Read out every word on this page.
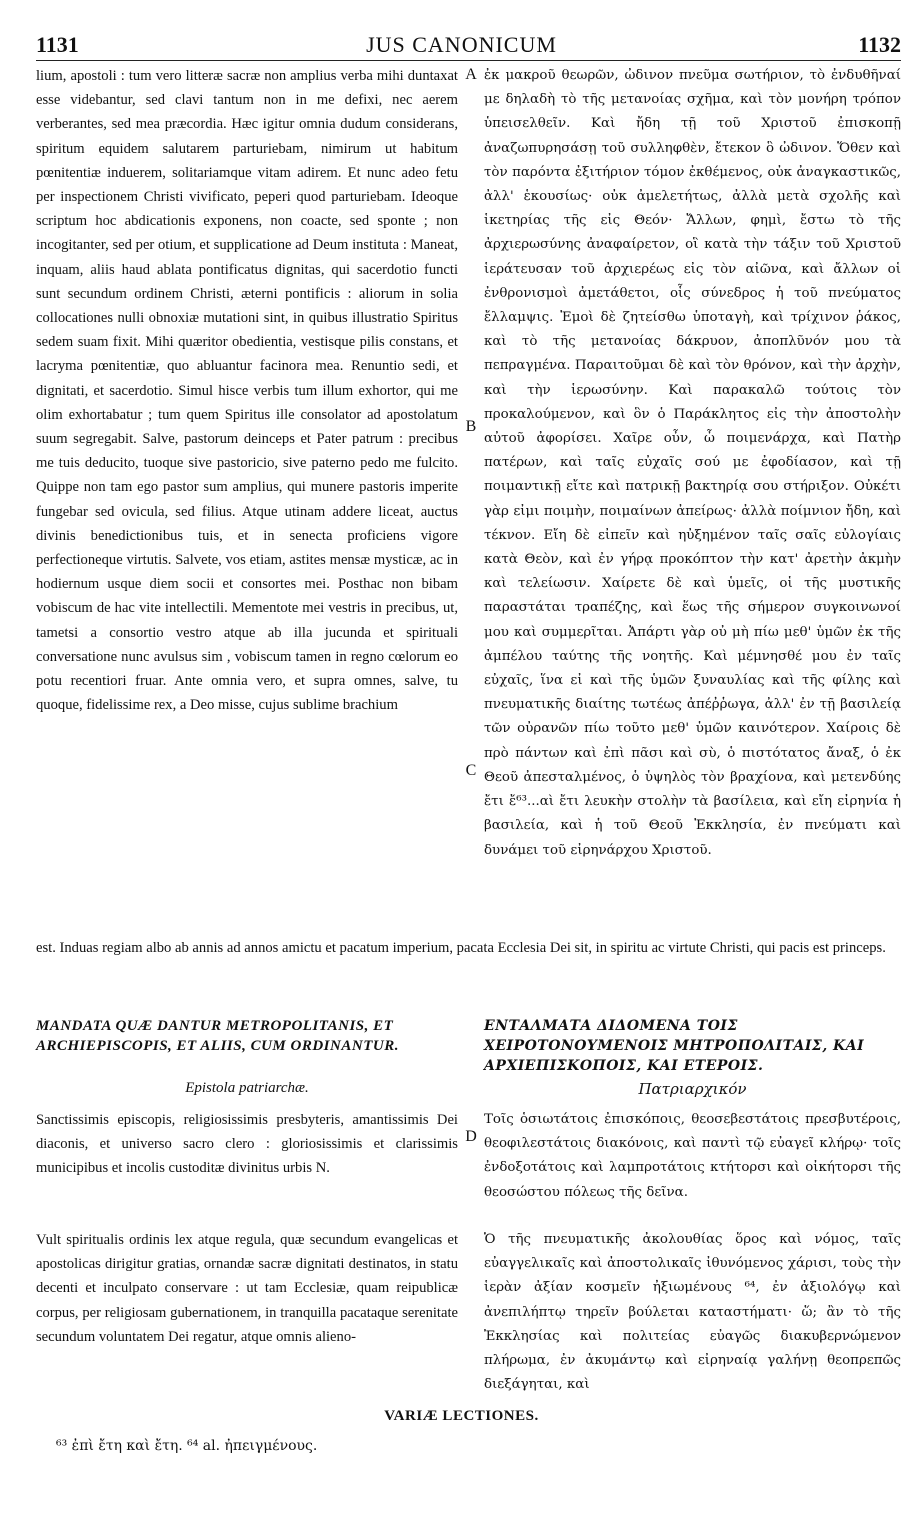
1131	JUS CANONICUM	1132

lium, apostoli : tum vero litteræ sacræ non amplius verba mihi duntaxat esse videbantur, sed clavi tantum non in me defixi, nec aerem verberantes, sed mea præcordia. Hæc igitur omnia dudum considerans, spiritum equidem salutarem parturiebam, nimirum ut habitum pœnitentiæ induerem, solitariamque vitam adirem. Et nunc adeo fetu per inspectionem Christi vivificato, peperi quod parturiebam. Ideoque scriptum hoc abdicationis exponens, non coacte, sed sponte ; non incogitanter, sed per otium, et supplicatione ad Deum instituta : Maneat, inquam, aliis haud ablata pontificatus dignitas, qui sacerdotio functi sunt secundum ordinem Christi, æterni pontificis : aliorum in solia collocationes nulli obnoxiæ mutationi sint, in quibus illustratio Spiritus sedem suam fixit. Mihi quæritor obedientia, vestisque pilis constans, et lacryma pœnitentiæ, quo abluantur facinora mea. Renuntio sedi, et dignitati, et sacerdotio. Simul hisce verbis tum illum exhortor, qui me olim exhortabatur ; tum quem Spiritus ille consolator ad apostolatum suum segregabit. Salve, pastorum deinceps et Pater patrum : precibus me tuis deducito, tuoque sive pastoricio, sive paterno pedo me fulcito. Quippe non tam ego pastor sum amplius, qui munere pastoris imperite fungebar sed ovicula, sed filius. Atque utinam addere liceat, auctus divinis benedictionibus tuis, et in senecta proficiens vigore perfectioneque virtutis. Salvete, vos etiam, astites mensæ mysticæ, ac in hodiernum usque diem socii et consortes mei. Posthac non bibam vobiscum de hac vite intellectili. Mementote mei vestris in precibus, ut, tametsi a consortio vestro atque ab illa jucunda et spirituali conversatione nunc avulsus sim , vobiscum tamen in regno cœlorum eo potu recentiori fruar. Ante omnia vero, et supra omnes, salve, tu quoque, fidelissime rex, a Deo misse, cujus sublime brachium

ἐκ μακροῦ θεωρῶν, ὠδινον πνεῦμα σωτήριον, τὸ ἐνδυθῆναί με δηλαδὴ τὸ τῆς μετανοίας σχῆμα, καὶ τὸν μονήρη τρόπον ὑπεισελθεῖν. Καὶ ἤδη τῇ τοῦ Χριστοῦ ἐπισκοπῇ ἀναζωπυρησάσῃ τοῦ συλληφθὲν, ἔτεκον ὃ ὠδινον. Ὅθεν καὶ τὸν παρόντα ἐξιτήριον τόμον ἐκθέμενος, οὐκ ἀναγκαστικῶς, ἀλλ' ἑκουσίως· οὐκ ἀμελετήτως, ἀλλὰ μετὰ σχολῆς καὶ ἱκετηρίας τῆς εἰς Θεόν· Ἄλλων, φημὶ, ἔστω τὸ τῆς ἀρχιερωσύνης ἀναφαίρετον, οἳ κατὰ τὴν τάξιν τοῦ Χριστοῦ ἱεράτευσαν τοῦ ἀρχιερέως εἰς τὸν αἰῶνα, καὶ ἄλλων οἱ ἐνθρονισμοὶ ἀμετάθετοι, οἷς σύνεδρος ἡ τοῦ πνεύματος ἔλλαμψις. Ἐμοὶ δὲ ζητείσθω ὑποταγὴ, καὶ τρίχινον ῥάκος, καὶ τὸ τῆς μετανοίας δάκρυον, ἀποπλῦνόν μου τὰ πεπραγμένα. Παραιτοῦμαι δὲ καὶ τὸν θρόνον, καὶ τὴν ἀρχὴν, καὶ τὴν ἱερωσύνην. Καὶ παρακαλῶ τούτοις τὸν προκαλούμενον, καὶ ὃν ὁ Παράκλητος εἰς τὴν ἀποστολὴν αὐτοῦ ἀφορίσει. Χαῖρε οὖν, ὦ ποιμενάρχα, καὶ Πατὴρ πατέρων, καὶ ταῖς εὐχαῖς σού με ἐφοδίασον, καὶ τῇ ποιμαντικῇ εἴτε καὶ πατρικῇ βακτηρίᾳ σου στήριξον. Οὐκέτι γὰρ εἰμι ποιμὴν, ποιμαίνων ἀπείρως· ἀλλὰ ποίμνιον ἤδη, καὶ τέκνον. Εἴη δὲ εἰπεῖν καὶ ηὐξημένον ταῖς σαῖς εὐλογίαις κατὰ Θεὸν, καὶ ἐν γήρᾳ προκόπτον τὴν κατ' ἀρετὴν ἀκμὴν καὶ τελείωσιν. Χαίρετε δὲ καὶ ὑμεῖς, οἱ τῆς μυστικῆς παραστάται τραπέζης, καὶ ἕως τῆς σήμερον συγκοινωνοί μου καὶ συμμερῖται. Ἀπάρτι γὰρ οὐ μὴ πίω μεθ' ὑμῶν ἐκ τῆς ἀμπέλου ταύτης τῆς νοητῆς. Καὶ μέμνησθέ μου ἐν ταῖς εὐχαῖς, ἵνα εἰ καὶ τῆς ὑμῶν ξυναυλίας καὶ τῆς φίλης καὶ πνευματικῆς διαίτης τωτέως ἀπέῤῥωγα, ἀλλ' ἐν τῇ βασιλείᾳ τῶν οὐρανῶν πίω τοῦτο μεθ' ὑμῶν καινότερον. Χαίροις δὲ πρὸ πάντων καὶ ἐπὶ πᾶσι καὶ σὺ, ὁ πιστότατος ἄναξ, ὁ ἐκ Θεοῦ ἀπεσταλμένος, ὁ ὑψηλὸς τὸν βραχίονα, καὶ μετενδύης ἔτι ἔ⁶³...αὶ ἔτι λευκὴν στολὴν τὰ βασίλεια, καὶ εἴη εἰρηνία ἡ βασιλεία, καὶ ἡ τοῦ Θεοῦ Ἐκκλησία, ἐν πνεύματι καὶ δυνάμει τοῦ εἰρηνάρχου Χριστοῦ.

A
B
C
D

est. Induas regiam albo ab annis ad annos amictu et pacatum imperium, pacata Ecclesia Dei sit, in spiritu ac virtute Christi, qui pacis est princeps.

MANDATA QUÆ DANTUR METROPOLITANIS, ET ARCHIEPISCOPIS, ET ALIIS, CUM ORDINANTUR.
ΕΝΤΑΛΜΑΤΑ ΔΙΔΟΜΕΝΑ ΤΟΙΣ ΧΕΙΡΟΤΟΝΟΥΜΕΝΟΙΣ ΜΗΤΡΟΠΟΛΙΤΑΙΣ, ΚΑΙ ΑΡΧΙΕΠΙΣΚΟΠΟΙΣ, ΚΑΙ ΕΤΕΡΟΙΣ.
Epistola patriarchæ.	Πατριαρχικόν

Sanctissimis episcopis, religiosissimis presbyteris, amantissimis Dei diaconis, et universo sacro clero : gloriosissimis et clarissimis municipibus et incolis custoditæ divinitus urbis N.

Vult spiritualis ordinis lex atque regula, quæ secundum evangelicas et apostolicas dirigitur gratias, ornandæ sacræ dignitati destinatos, in statu decenti et inculpato conservare : ut tam Ecclesiæ, quam reipublicæ corpus, per religiosam gubernationem, in tranquilla pacataque serenitate secundum voluntatem Dei regatur, atque omnis alieno-

Τοῖς ὁσιωτάτοις ἐπισκόποις, θεοσεβεστάτοις πρεσβυτέροις, θεοφιλεστάτοις διακόνοις, καὶ παντὶ τῷ εὐαγεῖ κλήρῳ· τοῖς ἐνδοξοτάτοις καὶ λαμπροτάτοις κτήτορσι καὶ οἰκήτορσι τῆς θεοσώστου πόλεως τῆς δεῖνα.

Ὁ τῆς πνευματικῆς ἀκολουθίας ὅρος καὶ νόμος, ταῖς εὐαγγελικαῖς καὶ ἀποστολικαῖς ἰθυνόμενος χάρισι, τοὺς τὴν ἱερὰν ἀξίαν κοσμεῖν ἠξιωμένους ⁶⁴, ἐν ἀξιολόγῳ καὶ ἀνεπιλήπτῳ τηρεῖν βούλεται καταστήματι· ὥ; ἂν τὸ τῆς Ἐκκλησίας καὶ πολιτείας εὐαγῶς διακυβερνώμενον πλήρωμα, ἐν ἀκυμάντῳ καὶ εἰρηναίᾳ γαλήνῃ θεοπρεπῶς διεξάγηται, καὶ

VARIÆ LECTIONES.
⁶³ ἐπὶ ἔτη καὶ ἔτη. ⁶⁴ al. ἠπειγμένους.
